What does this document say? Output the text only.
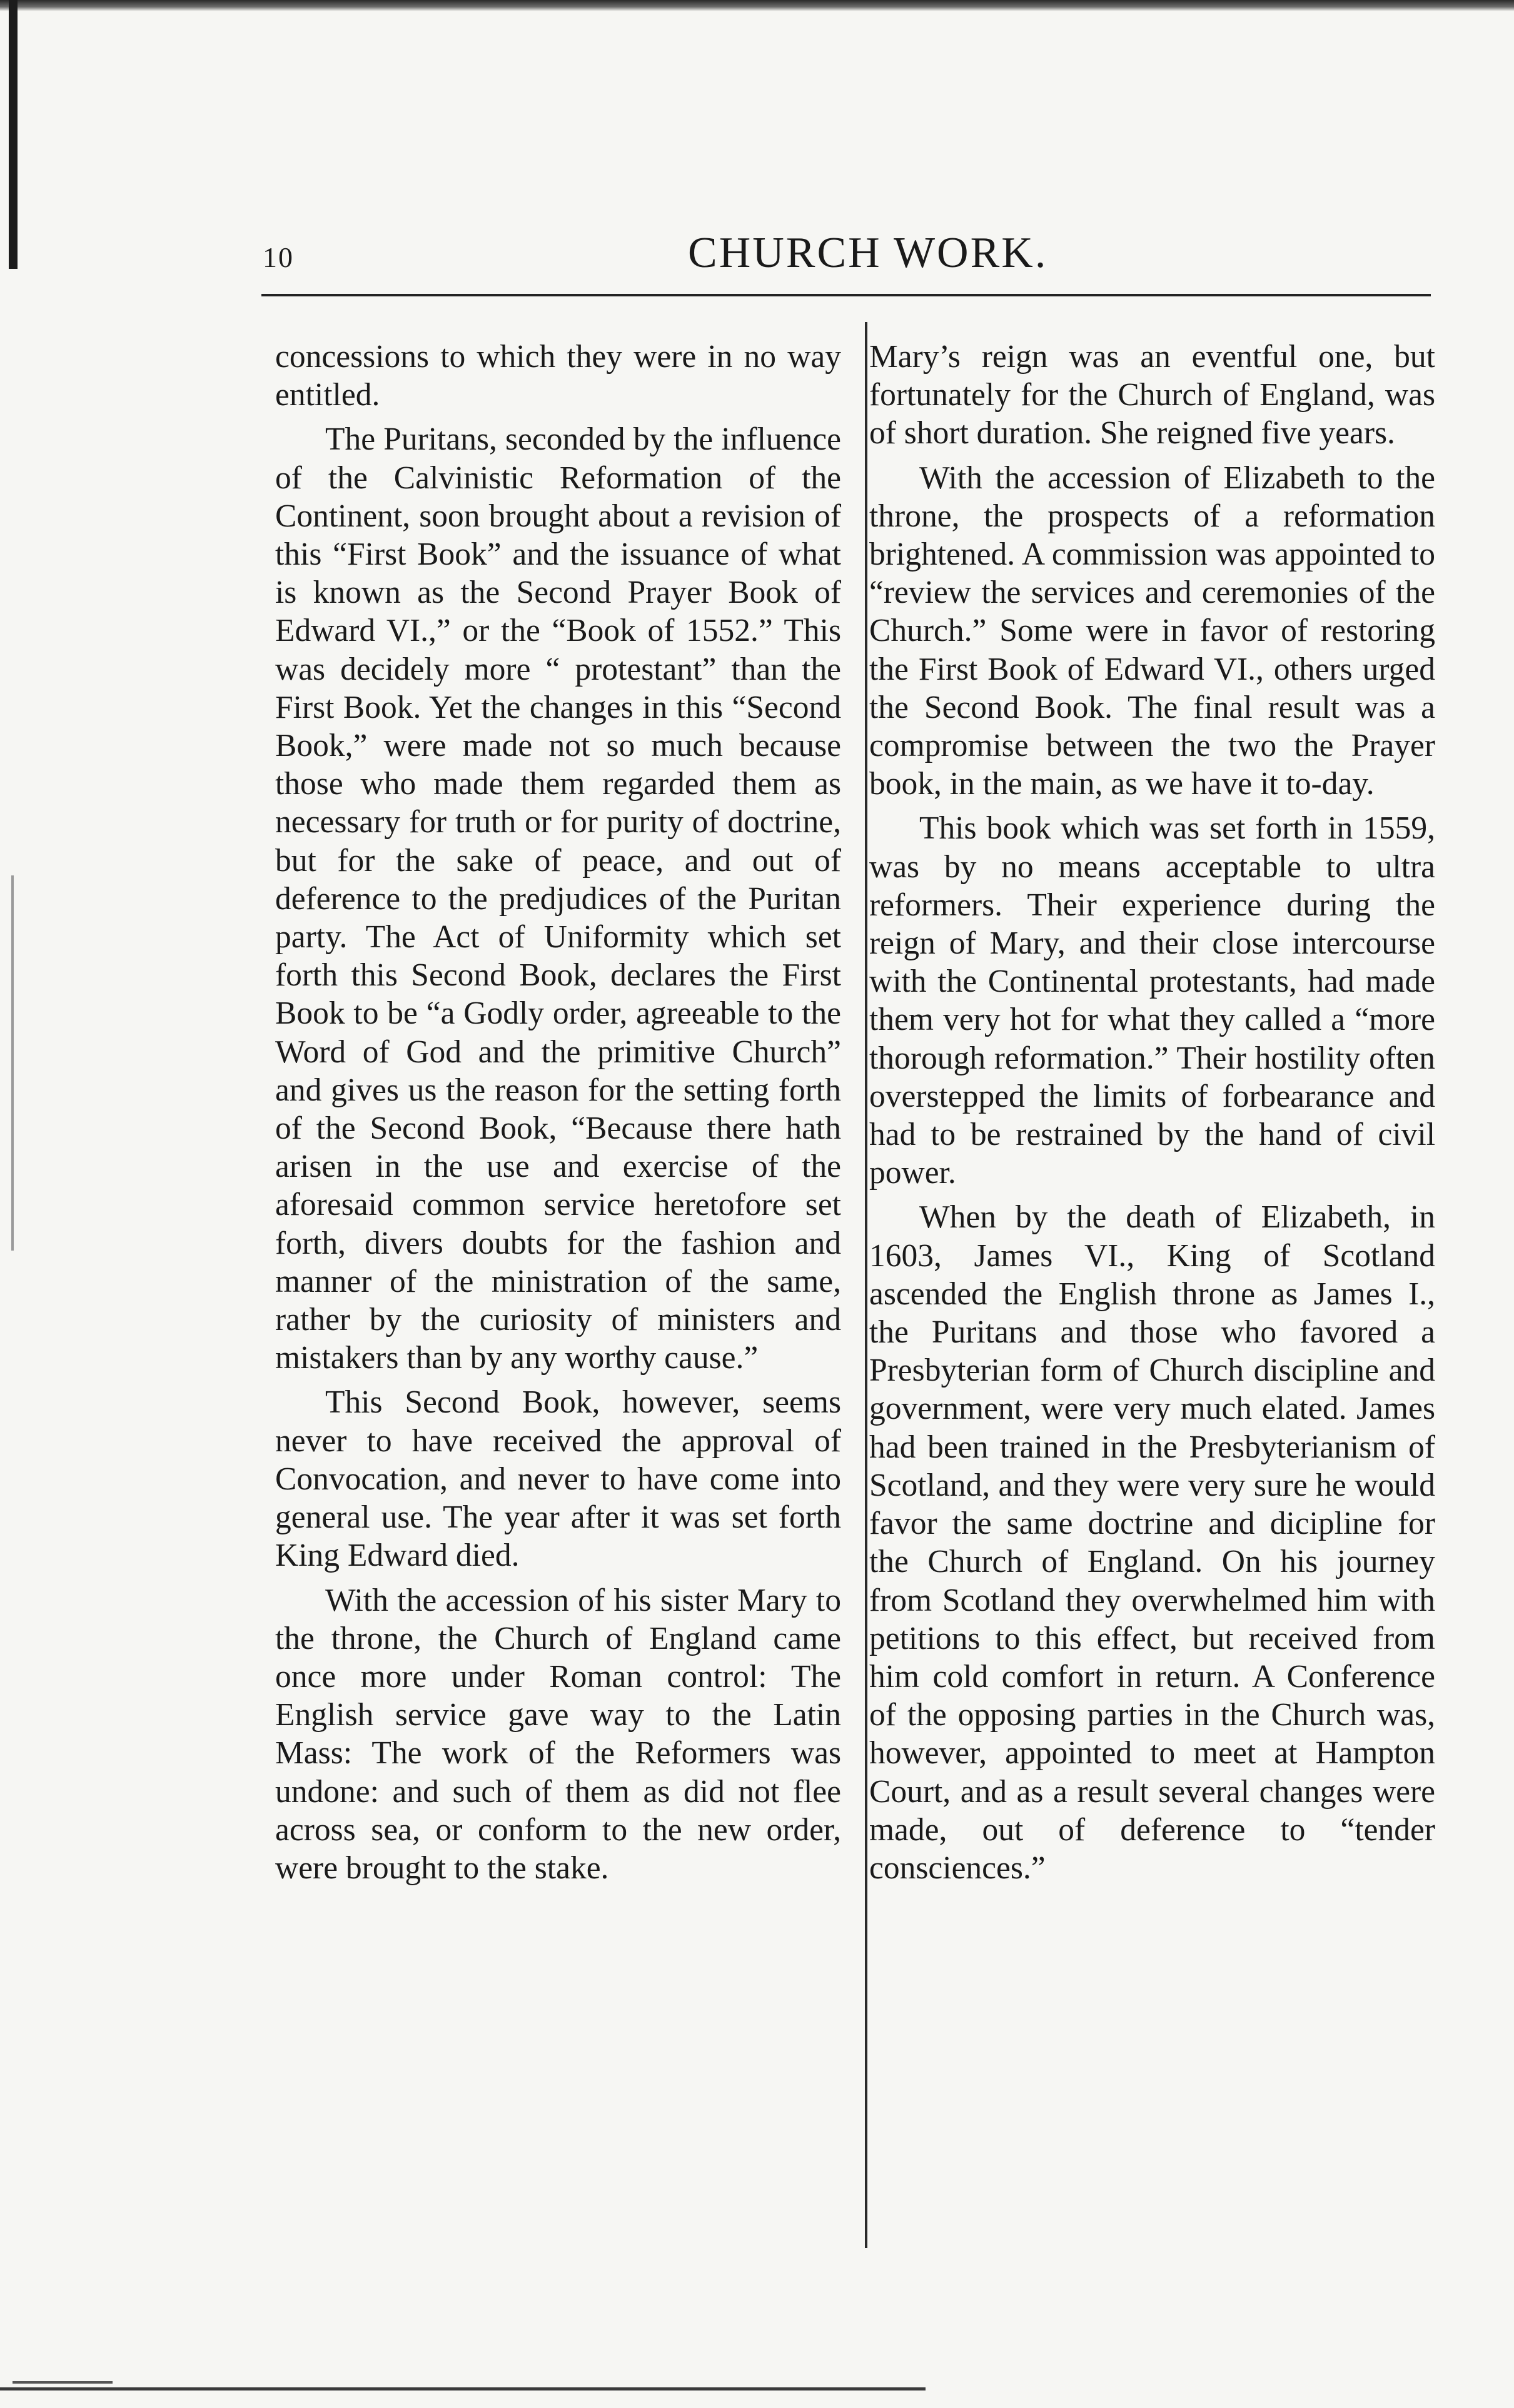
10	CHURCH WORK.

concessions to which they were in no way entitled.

The Puritans, seconded by the influence of the Calvinistic Reformation of the Continent, soon brought about a revision of this “First Book” and the issuance of what is known as the Second Prayer Book of Edward VI.,” or the “Book of 1552.” This was decidely more “ protestant” than the First Book. Yet the changes in this “Second Book,” were made not so much because those who made them regarded them as necessary for truth or for purity of doctrine, but for the sake of peace, and out of deference to the predjudices of the Puritan party. The Act of Uniformity which set forth this Second Book, declares the First Book to be “a Godly order, agreeable to the Word of God and the primitive Church” and gives us the reason for the setting forth of the Second Book, “Because there hath arisen in the use and exercise of the aforesaid common service heretofore set forth, divers doubts for the fashion and manner of the ministration of the same, rather by the curiosity of ministers and mistakers than by any worthy cause.”

This Second Book, however, seems never to have received the approval of Convocation, and never to have come into general use. The year after it was set forth King Edward died.

With the accession of his sister Mary to the throne, the Church of England came once more under Roman control: The English service gave way to the Latin Mass: The work of the Reformers was undone: and such of them as did not flee across sea, or conform to the new order, were brought to the stake.

Mary’s reign was an eventful one, but fortunately for the Church of England, was of short duration. She reigned five years.

With the accession of Elizabeth to the throne, the prospects of a reformation brightened. A commission was appointed to “review the services and ceremonies of the Church.” Some were in favor of restoring the First Book of Edward VI., others urged the Second Book. The final result was a compromise between the two the Prayer book, in the main, as we have it to-day.

This book which was set forth in 1559, was by no means acceptable to ultra reformers. Their experience during the reign of Mary, and their close intercourse with the Continental protestants, had made them very hot for what they called a “more thorough reformation.” Their hostility often overstepped the limits of forbearance and had to be restrained by the hand of civil power.

When by the death of Elizabeth, in 1603, James VI., King of Scotland ascended the English throne as James I., the Puritans and those who favored a Presbyterian form of Church discipline and government, were very much elated. James had been trained in the Presbyterianism of Scotland, and they were very sure he would favor the same doctrine and dicipline for the Church of England. On his journey from Scotland they overwhelmed him with petitions to this effect, but received from him cold comfort in return. A Conference of the opposing parties in the Church was, however, appointed to meet at Hampton Court, and as a result several changes were made, out of deference to “tender consciences.”
